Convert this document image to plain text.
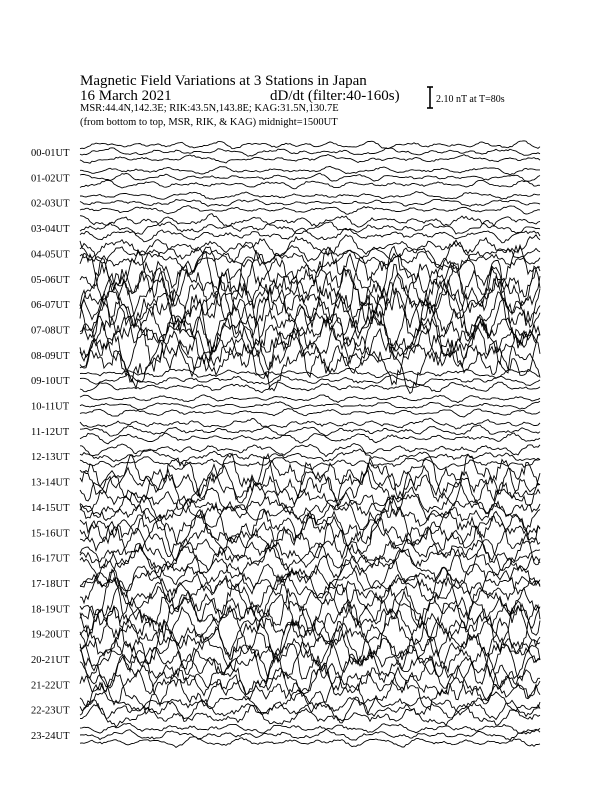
Magnetic Field Variations at 3 Stations in Japan
16 March 2021	dD/dt (filter:40-160s)
MSR:44.4N,142.3E; RIK:43.5N,143.8E; KAG:31.5N,130.7E
(from bottom to top, MSR, RIK, & KAG) midnight=1500UT
2.10 nT at T=80s
00-01UT
01-02UT
02-03UT
03-04UT
04-05UT
05-06UT
06-07UT
07-08UT
08-09UT
09-10UT
10-11UT
11-12UT
12-13UT
13-14UT
14-15UT
15-16UT
16-17UT
17-18UT
18-19UT
19-20UT
20-21UT
21-22UT
22-23UT
23-24UT
